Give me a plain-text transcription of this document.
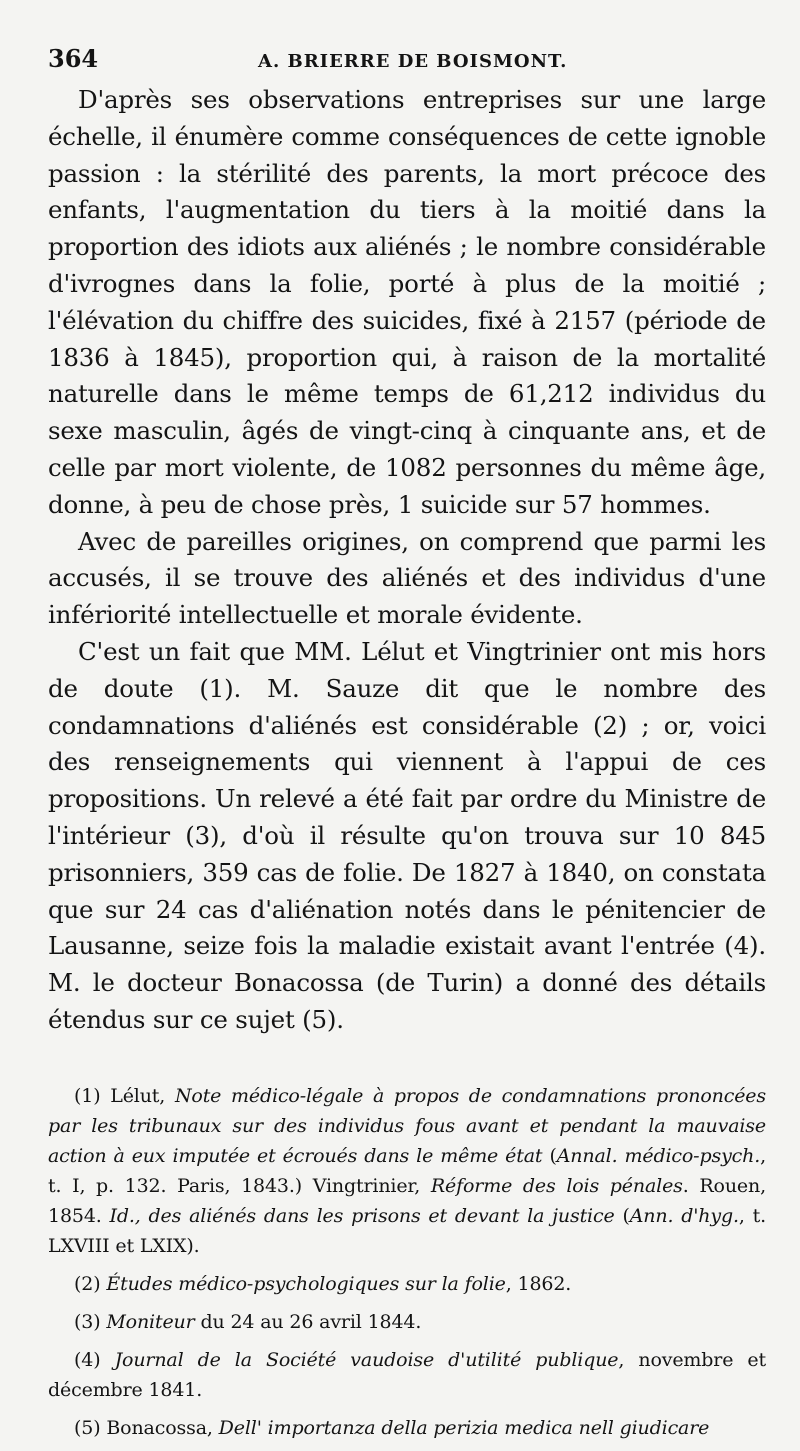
364	A. BRIERRE DE BOISMONT.

D'après ses observations entreprises sur une large échelle, il énumère comme conséquences de cette ignoble passion : la stérilité des parents, la mort précoce des enfants, l'augmentation du tiers à la moitié dans la proportion des idiots aux aliénés ; le nombre considérable d'ivrognes dans la folie, porté à plus de la moitié ; l'élévation du chiffre des suicides, fixé à 2157 (période de 1836 à 1845), proportion qui, à raison de la mortalité naturelle dans le même temps de 61,212 individus du sexe masculin, âgés de vingt-cinq à cinquante ans, et de celle par mort violente, de 1082 personnes du même âge, donne, à peu de chose près, 1 suicide sur 57 hommes.

Avec de pareilles origines, on comprend que parmi les accusés, il se trouve des aliénés et des individus d'une infériorité intellectuelle et morale évidente.

C'est un fait que MM. Lélut et Vingtrinier ont mis hors de doute (1). M. Sauze dit que le nombre des condamnations d'aliénés est considérable (2) ; or, voici des renseignements qui viennent à l'appui de ces propositions. Un relevé a été fait par ordre du Ministre de l'intérieur (3), d'où il résulte qu'on trouva sur 10 845 prisonniers, 359 cas de folie. De 1827 à 1840, on constata que sur 24 cas d'aliénation notés dans le pénitencier de Lausanne, seize fois la maladie existait avant l'entrée (4). M. le docteur Bonacossa (de Turin) a donné des détails étendus sur ce sujet (5).

(1) Lélut, Note médico-légale à propos de condamnations prononcées par les tribunaux sur des individus fous avant et pendant la mauvaise action à eux imputée et écroués dans le même état (Annal. médico-psych., t. I, p. 132. Paris, 1843.) Vingtrinier, Réforme des lois pénales. Rouen, 1854. Id., des aliénés dans les prisons et devant la justice (Ann. d'hyg., t. LXVIII et LXIX).

(2) Études médico-psychologiques sur la folie, 1862.

(3) Moniteur du 24 au 26 avril 1844.

(4) Journal de la Société vaudoise d'utilité publique, novembre et décembre 1841.

(5) Bonacossa, Dell' importanza della perizia medica nell giudicare
